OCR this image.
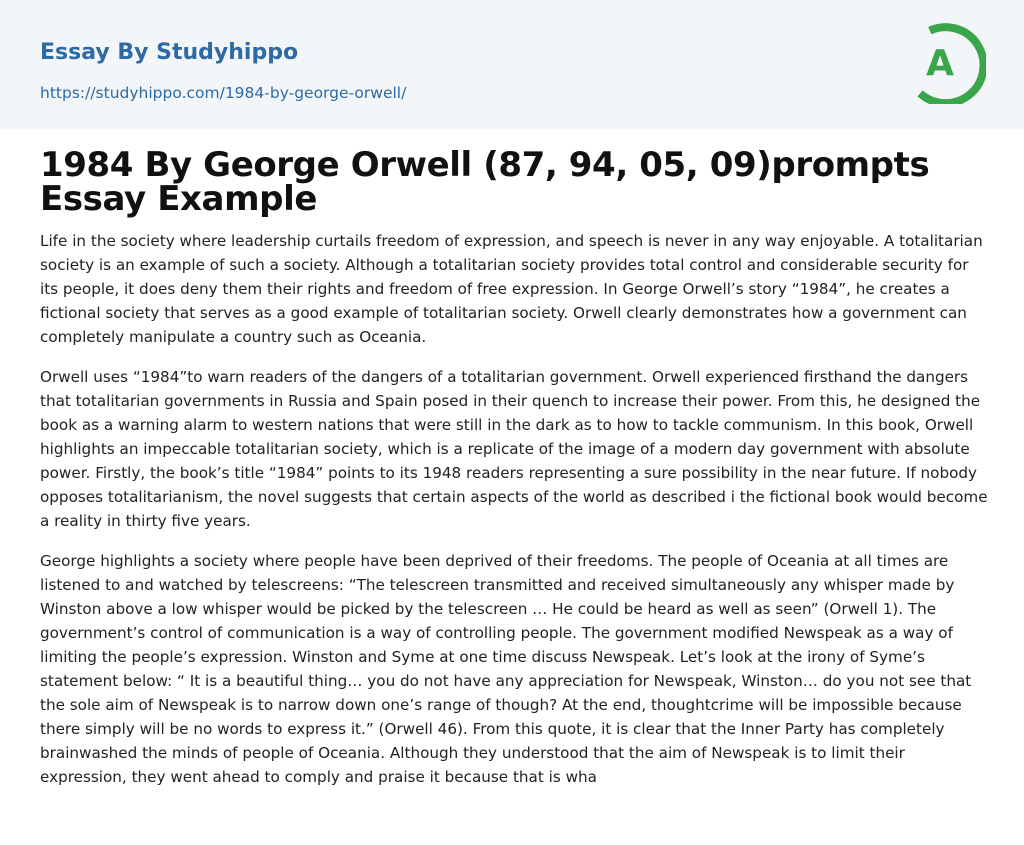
Essay By Studyhippo
https://studyhippo.com/1984-by-george-orwell/
A
1984 By George Orwell (87, 94, 05, 09)prompts Essay Example

Life in the society where leadership curtails freedom of expression, and speech is never in any way enjoyable. A totalitarian society is an example of such a society. Although a totalitarian society provides total control and considerable security for its people, it does deny them their rights and freedom of free expression. In George Orwell’s story “1984”, he creates a fictional society that serves as a good example of totalitarian society. Orwell clearly demonstrates how a government can completely manipulate a country such as Oceania.

Orwell uses “1984”to warn readers of the dangers of a totalitarian government. Orwell experienced firsthand the dangers that totalitarian governments in Russia and Spain posed in their quench to increase their power. From this, he designed the book as a warning alarm to western nations that were still in the dark as to how to tackle communism. In this book, Orwell highlights an impeccable totalitarian society, which is a replicate of the image of a modern day government with absolute power. Firstly, the book’s title “1984” points to its 1948 readers representing a sure possibility in the near future. If nobody opposes totalitarianism, the novel suggests that certain aspects of the world as described i the fictional book would become a reality in thirty five years.

George highlights a society where people have been deprived of their freedoms. The people of Oceania at all times are listened to and watched by telescreens: “The telescreen transmitted and received simultaneously any whisper made by Winston above a low whisper would be picked by the telescreen … He could be heard as well as seen” (Orwell 1). The government’s control of communication is a way of controlling people. The government modified Newspeak as a way of limiting the people’s expression. Winston and Syme at one time discuss Newspeak. Let’s look at the irony of Syme’s statement below: “ It is a beautiful thing… you do not have any appreciation for Newspeak, Winston… do you not see that the sole aim of Newspeak is to narrow down one’s range of though? At the end, thoughtcrime will be impossible because there simply will be no words to express it.” (Orwell 46). From this quote, it is clear that the Inner Party has completely brainwashed the minds of people of Oceania. Although they understood that the aim of Newspeak is to limit their expression, they went ahead to comply and praise it because that is wha
